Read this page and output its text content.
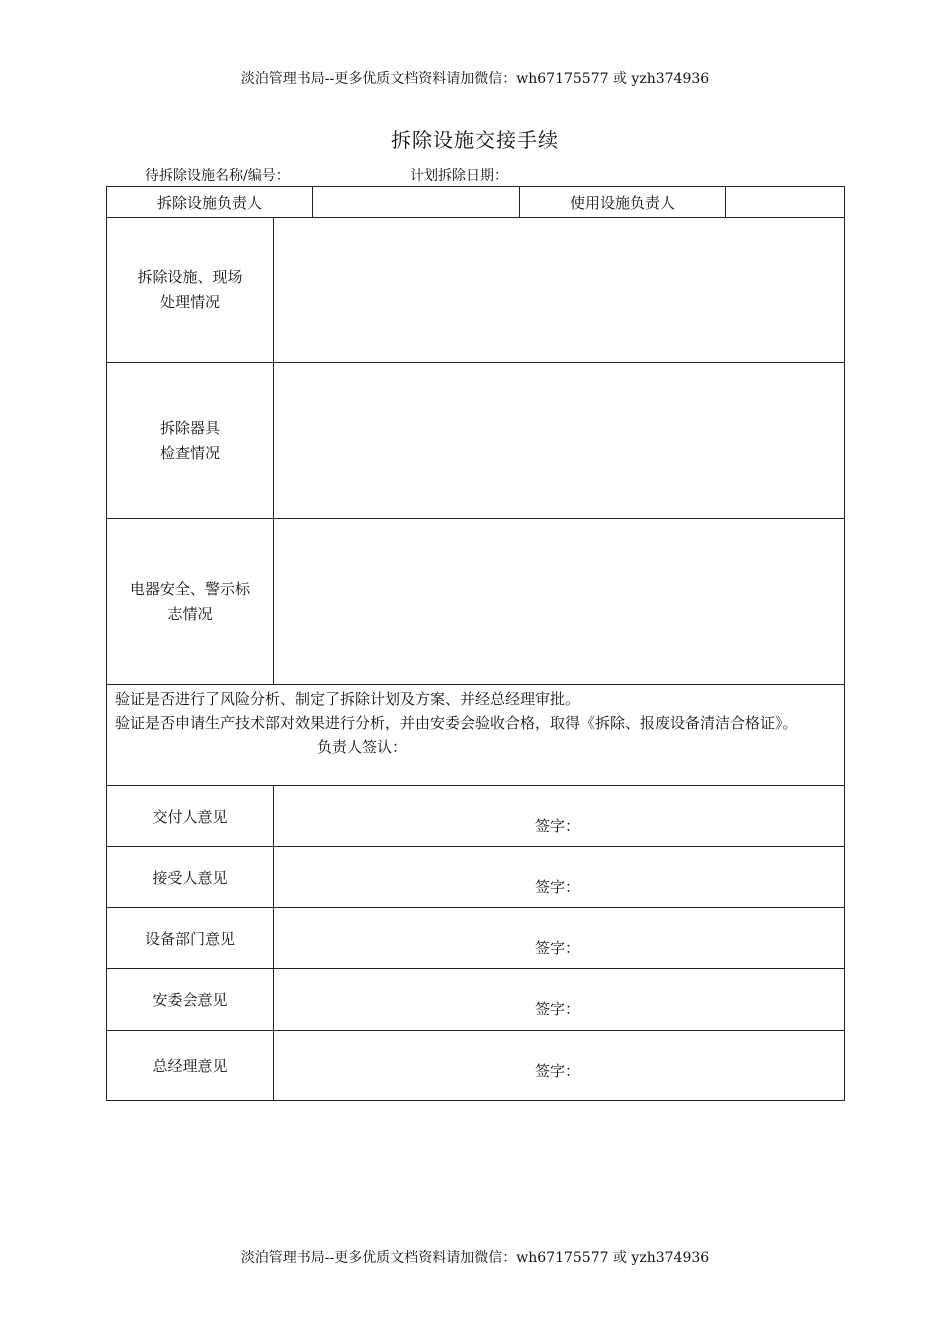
淡泊管理书局--更多优质文档资料请加微信：wh67175577 或 yzh374936
拆除设施交接手续
待拆除设施名称/编号：	计划拆除日期：
拆除设施负责人			使用设施负责人	
拆除设施、现场
处理情况				
拆除器具
检查情况				
电器安全、警示标
志情况				
验证是否进行了风险分析、制定了拆除计划及方案、并经总经理审批。
验证是否申请生产技术部对效果进行分析，并由安委会验收合格，取得《拆除、报废设备清洁合格证》。
负责人签认：				

交付人意见	签字：			

接受人意见	签字：			

设备部门意见	签字：			

安委会意见	签字：			

总经理意见	签字：			
淡泊管理书局--更多优质文档资料请加微信：wh67175577 或 yzh374936
